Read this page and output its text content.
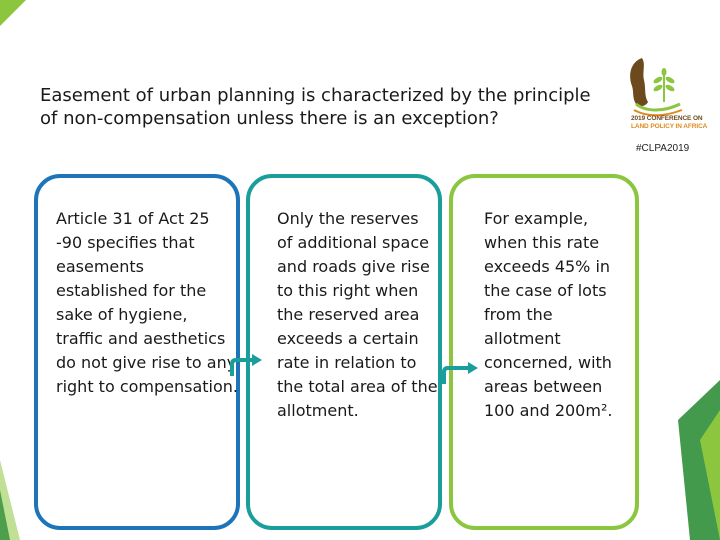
Easement of urban planning is characterized by the principle of non-compensation unless there is an exception?	2019 CONFERENCE ON
LAND POLICY IN AFRICA
#CLPA2019
Article 31 of Act 25 -90 specifies that easements established for the sake of hygiene, traffic and aesthetics do not give rise to any right to compensation.
Only the reserves of additional space and roads give rise to this right when the reserved area exceeds a certain rate in relation to the total area of the allotment.
For example, when this rate exceeds 45% in the case of lots from the allotment concerned, with areas between 100 and 200m².
